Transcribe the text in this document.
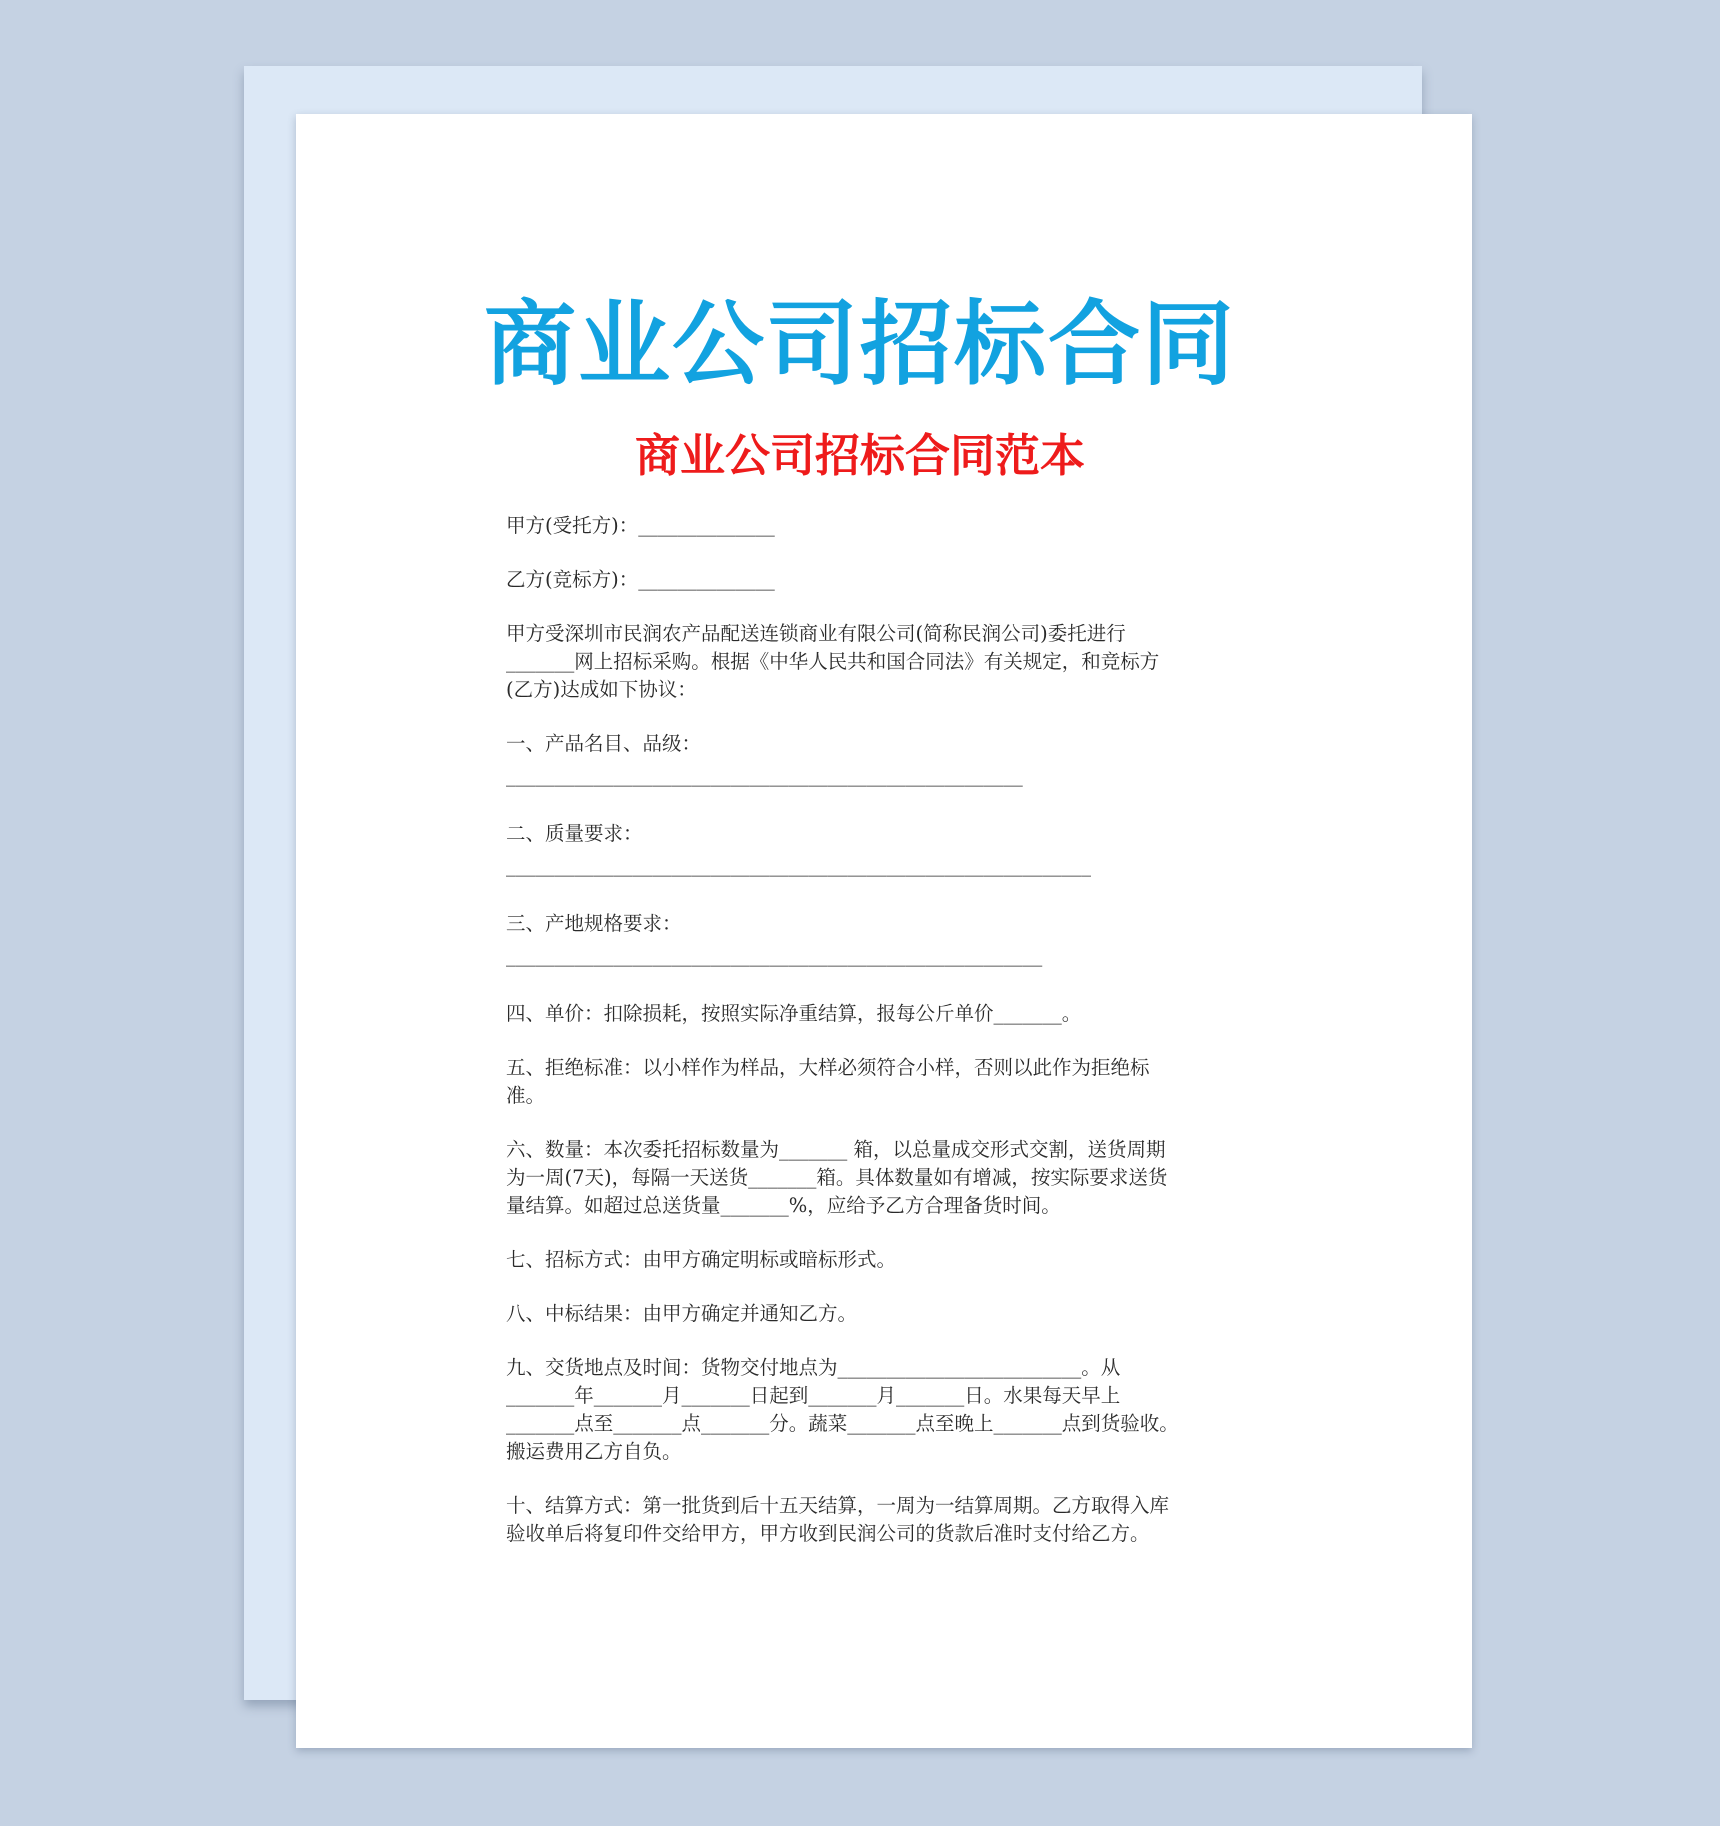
商业公司招标合同
商业公司招标合同范本

甲方(受托方)：______________

乙方(竞标方)：______________

甲方受深圳市民润农产品配送连锁商业有限公司(简称民润公司)委托进行
_______网上招标采购。根据《中华人民共和国合同法》有关规定，和竞标方
(乙方)达成如下协议：

一、产品名目、品级：

_____________________________________________________

二、质量要求：

____________________________________________________________

三、产地规格要求：

_______________________________________________________

四、单价：扣除损耗，按照实际净重结算，报每公斤单价_______。

五、拒绝标准：以小样作为样品，大样必须符合小样，否则以此作为拒绝标
准。

六、数量：本次委托招标数量为_______ 箱，以总量成交形式交割，送货周期
为一周(7天)，每隔一天送货_______箱。具体数量如有增减，按实际要求送货
量结算。如超过总送货量_______%，应给予乙方合理备货时间。

七、招标方式：由甲方确定明标或暗标形式。

八、中标结果：由甲方确定并通知乙方。

九、交货地点及时间：货物交付地点为_________________________。从
_______年_______月_______日起到_______月_______日。水果每天早上
_______点至_______点_______分。蔬菜_______点至晚上_______点到货验收。
搬运费用乙方自负。

十、结算方式：第一批货到后十五天结算，一周为一结算周期。乙方取得入库
验收单后将复印件交给甲方，甲方收到民润公司的货款后准时支付给乙方。
